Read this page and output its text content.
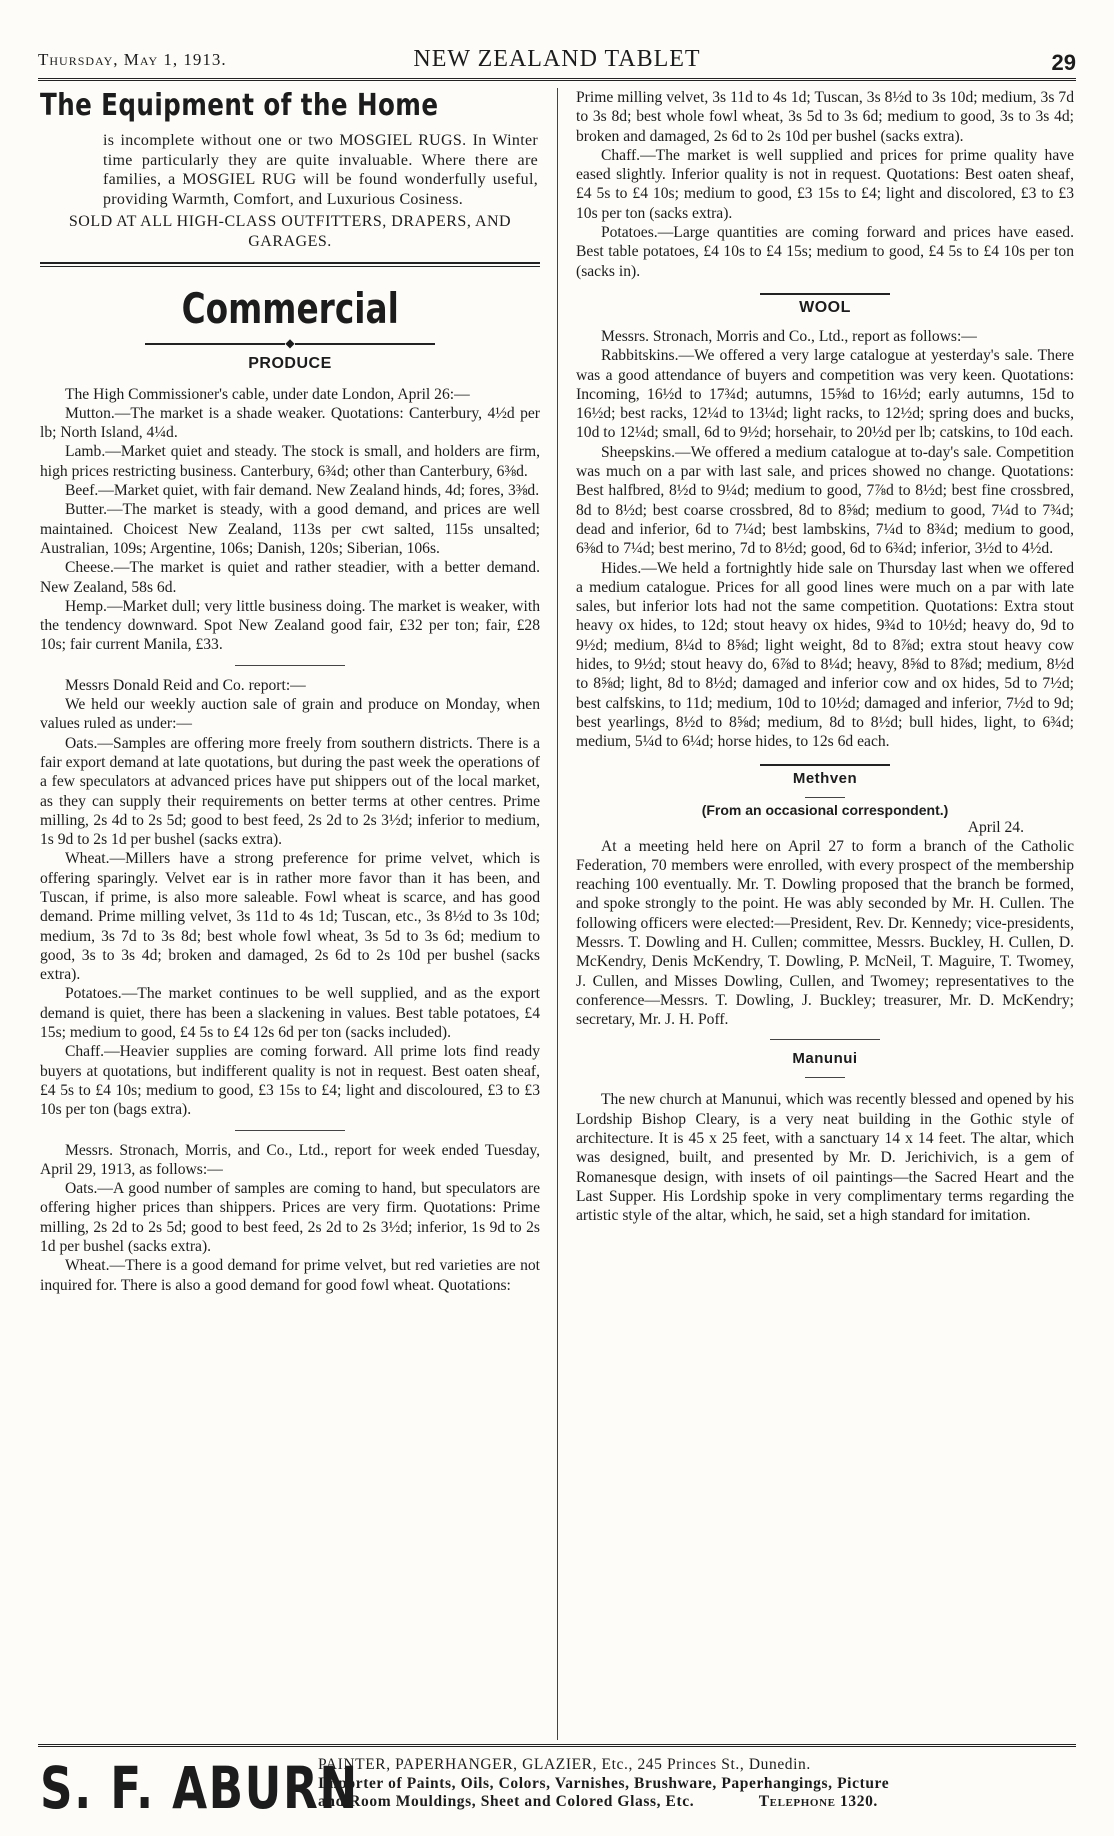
Thursday, May 1, 1913.	NEW ZEALAND TABLET	29
The Equipment of the Home

is incomplete without one or two MOSGIEL RUGS. In Winter time particularly they are quite invaluable. Where there are families, a MOSGIEL RUG will be found wonderfully useful, providing Warmth, Comfort, and Luxurious Cosiness.

SOLD AT ALL HIGH-CLASS OUTFITTERS, DRAPERS, AND GARAGES.
Commercial
◆
PRODUCE

The High Commissioner's cable, under date London, April 26:—

Mutton.—The market is a shade weaker. Quotations: Canterbury, 4½d per lb; North Island, 4¼d.

Lamb.—Market quiet and steady. The stock is small, and holders are firm, high prices restricting business. Canterbury, 6¾d; other than Canterbury, 6⅜d.

Beef.—Market quiet, with fair demand. New Zealand hinds, 4d; fores, 3⅜d.

Butter.—The market is steady, with a good demand, and prices are well maintained. Choicest New Zealand, 113s per cwt salted, 115s unsalted; Australian, 109s; Argentine, 106s; Danish, 120s; Siberian, 106s.

Cheese.—The market is quiet and rather steadier, with a better demand. New Zealand, 58s 6d.

Hemp.—Market dull; very little business doing. The market is weaker, with the tendency downward. Spot New Zealand good fair, £32 per ton; fair, £28 10s; fair current Manila, £33.

Messrs Donald Reid and Co. report:—

We held our weekly auction sale of grain and produce on Monday, when values ruled as under:—

Oats.—Samples are offering more freely from southern districts. There is a fair export demand at late quotations, but during the past week the operations of a few speculators at advanced prices have put shippers out of the local market, as they can supply their requirements on better terms at other centres. Prime milling, 2s 4d to 2s 5d; good to best feed, 2s 2d to 2s 3½d; inferior to medium, 1s 9d to 2s 1d per bushel (sacks extra).

Wheat.—Millers have a strong preference for prime velvet, which is offering sparingly. Velvet ear is in rather more favor than it has been, and Tuscan, if prime, is also more saleable. Fowl wheat is scarce, and has good demand. Prime milling velvet, 3s 11d to 4s 1d; Tuscan, etc., 3s 8½d to 3s 10d; medium, 3s 7d to 3s 8d; best whole fowl wheat, 3s 5d to 3s 6d; medium to good, 3s to 3s 4d; broken and damaged, 2s 6d to 2s 10d per bushel (sacks extra).

Potatoes.—The market continues to be well supplied, and as the export demand is quiet, there has been a slackening in values. Best table potatoes, £4 15s; medium to good, £4 5s to £4 12s 6d per ton (sacks included).

Chaff.—Heavier supplies are coming forward. All prime lots find ready buyers at quotations, but indifferent quality is not in request. Best oaten sheaf, £4 5s to £4 10s; medium to good, £3 15s to £4; light and discoloured, £3 to £3 10s per ton (bags extra).

Messrs. Stronach, Morris, and Co., Ltd., report for week ended Tuesday, April 29, 1913, as follows:—

Oats.—A good number of samples are coming to hand, but speculators are offering higher prices than shippers. Prices are very firm. Quotations: Prime milling, 2s 2d to 2s 5d; good to best feed, 2s 2d to 2s 3½d; inferior, 1s 9d to 2s 1d per bushel (sacks extra).

Wheat.—There is a good demand for prime velvet, but red varieties are not inquired for. There is also a good demand for good fowl wheat. Quotations:

Prime milling velvet, 3s 11d to 4s 1d; Tuscan, 3s 8½d to 3s 10d; medium, 3s 7d to 3s 8d; best whole fowl wheat, 3s 5d to 3s 6d; medium to good, 3s to 3s 4d; broken and damaged, 2s 6d to 2s 10d per bushel (sacks extra).

Chaff.—The market is well supplied and prices for prime quality have eased slightly. Inferior quality is not in request. Quotations: Best oaten sheaf, £4 5s to £4 10s; medium to good, £3 15s to £4; light and discolored, £3 to £3 10s per ton (sacks extra).

Potatoes.—Large quantities are coming forward and prices have eased. Best table potatoes, £4 10s to £4 15s; medium to good, £4 5s to £4 10s per ton (sacks in).

WOOL

Messrs. Stronach, Morris and Co., Ltd., report as follows:—

Rabbitskins.—We offered a very large catalogue at yesterday's sale. There was a good attendance of buyers and competition was very keen. Quotations: Incoming, 16½d to 17¾d; autumns, 15⅝d to 16½d; early autumns, 15d to 16½d; best racks, 12¼d to 13¼d; light racks, to 12½d; spring does and bucks, 10d to 12¼d; small, 6d to 9½d; horsehair, to 20½d per lb; catskins, to 10d each.

Sheepskins.—We offered a medium catalogue at to-day's sale. Competition was much on a par with last sale, and prices showed no change. Quotations: Best halfbred, 8½d to 9¼d; medium to good, 7⅞d to 8½d; best fine crossbred, 8d to 8½d; best coarse crossbred, 8d to 8⅝d; medium to good, 7¼d to 7¾d; dead and inferior, 6d to 7¼d; best lambskins, 7¼d to 8¾d; medium to good, 6⅜d to 7¼d; best merino, 7d to 8½d; good, 6d to 6¾d; inferior, 3½d to 4½d.

Hides.—We held a fortnightly hide sale on Thursday last when we offered a medium catalogue. Prices for all good lines were much on a par with late sales, but inferior lots had not the same competition. Quotations: Extra stout heavy ox hides, to 12d; stout heavy ox hides, 9¾d to 10½d; heavy do, 9d to 9½d; medium, 8¼d to 8⅝d; light weight, 8d to 8⅞d; extra stout heavy cow hides, to 9½d; stout heavy do, 6⅞d to 8¼d; heavy, 8⅝d to 8⅞d; medium, 8½d to 8⅝d; light, 8d to 8½d; damaged and inferior cow and ox hides, 5d to 7½d; best calfskins, to 11d; medium, 10d to 10½d; damaged and inferior, 7½d to 9d; best yearlings, 8½d to 8⅝d; medium, 8d to 8½d; bull hides, light, to 6¾d; medium, 5¼d to 6¼d; horse hides, to 12s 6d each.

Methven
(From an occasional correspondent.)
April 24.

At a meeting held here on April 27 to form a branch of the Catholic Federation, 70 members were enrolled, with every prospect of the membership reaching 100 eventually. Mr. T. Dowling proposed that the branch be formed, and spoke strongly to the point. He was ably seconded by Mr. H. Cullen. The following officers were elected:—President, Rev. Dr. Kennedy; vice-presidents, Messrs. T. Dowling and H. Cullen; committee, Messrs. Buckley, H. Cullen, D. McKendry, Denis McKendry, T. Dowling, P. McNeil, T. Maguire, T. Twomey, J. Cullen, and Misses Dowling, Cullen, and Twomey; representatives to the conference—Messrs. T. Dowling, J. Buckley; treasurer, Mr. D. McKendry; secretary, Mr. J. H. Poff.

Manunui

The new church at Manunui, which was recently blessed and opened by his Lordship Bishop Cleary, is a very neat building in the Gothic style of architecture. It is 45 x 25 feet, with a sanctuary 14 x 14 feet. The altar, which was designed, built, and presented by Mr. D. Jerichivich, is a gem of Romanesque design, with insets of oil paintings—the Sacred Heart and the Last Supper. His Lordship spoke in very complimentary terms regarding the artistic style of the altar, which, he said, set a high standard for imitation.

S. F. ABURN
PAINTER, PAPERHANGER, GLAZIER, Etc., 245 Princes St., Dunedin.
Importer of Paints, Oils, Colors, Varnishes, Brushware, Paperhangings, Picture
and Room Mouldings, Sheet and Colored Glass, Etc.	Telephone 1320.
